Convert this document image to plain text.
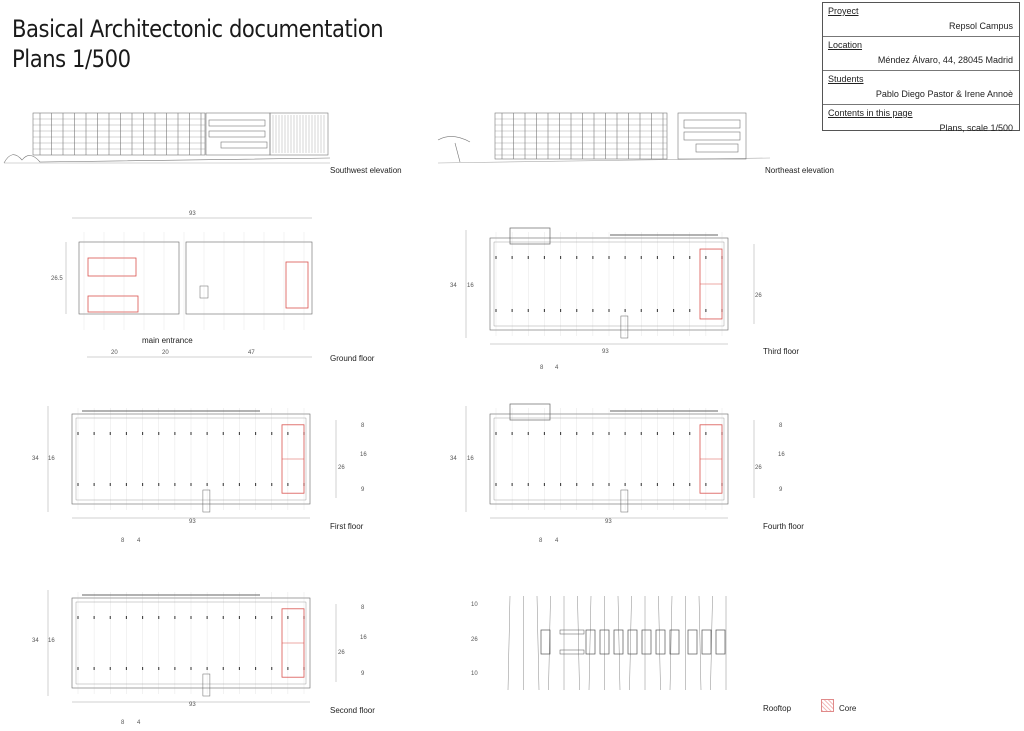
Basical Architectonic documentation
Plans 1/500
Proyect
Repsol Campus
Location
Méndez Álvaro, 44, 28045 Madrid
Students
Pablo Diego Pastor & Irene Annoè
Contents in this page
Plans, scale 1/500
Southwest elevation	Northeast elevation
Ground floor
main entrance
Third floor
First floor	Fourth floor
Second floor	Rooftop	Core
93
26.5
20	20	47	93
34 16
26
8 4
93
34 16
26
8
16
9
8 4
93
34 16
26
8
16
9
8 4
93
34 16
26
8
16
9
8 4
10
26
10
